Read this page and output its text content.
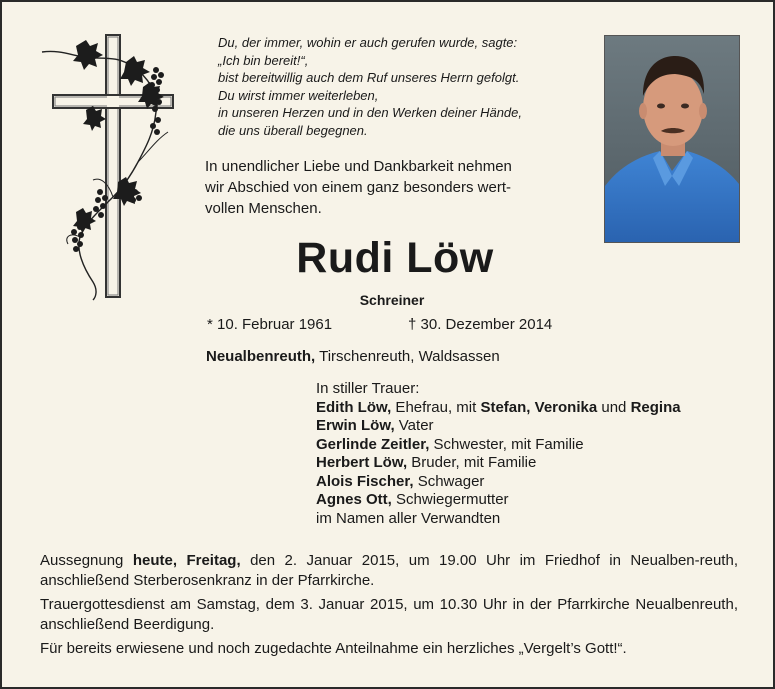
Du, der immer, wohin er auch gerufen wurde, sagte:
„Ich bin bereit!“,
bist bereitwillig auch dem Ruf unseres Herrn gefolgt.
Du wirst immer weiterleben,
in unseren Herzen und in den Werken deiner Hände,
die uns überall begegnen.
In unendlicher Liebe und Dankbarkeit nehmen
wir Abschied von einem ganz besonders wert-
vollen Menschen.
Rudi Löw
Schreiner
* 10. Februar 1961	† 30. Dezember 2014
Neualbenreuth, Tirschenreuth, Waldsassen
In stiller Trauer:
Edith Löw, Ehefrau, mit Stefan, Veronika und Regina
Erwin Löw, Vater
Gerlinde Zeitler, Schwester, mit Familie
Herbert Löw, Bruder, mit Familie
Alois Fischer, Schwager
Agnes Ott, Schwiegermutter
im Namen aller Verwandten

Aussegnung heute, Freitag, den 2. Januar 2015, um 19.00 Uhr im Friedhof in Neualben-reuth, anschließend Sterberosenkranz in der Pfarrkirche.

Trauergottesdienst am Samstag, dem 3. Januar 2015, um 10.30 Uhr in der Pfarrkirche Neualbenreuth, anschließend Beerdigung.

Für bereits erwiesene und noch zugedachte Anteilnahme ein herzliches „Vergelt’s Gott!“.
